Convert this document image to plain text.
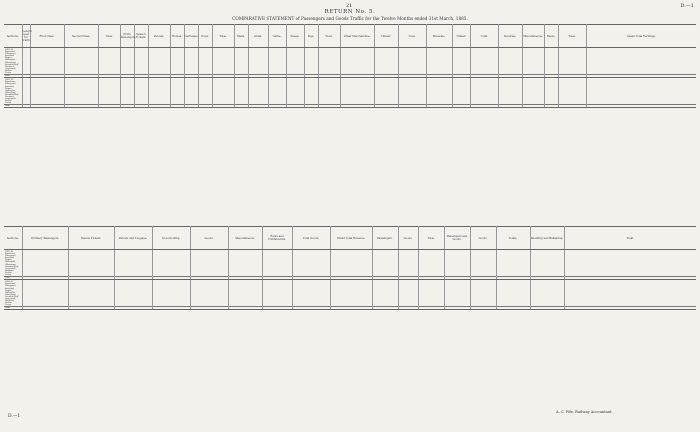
21	D.—1
RETURN No. 5.
COMPARATIVE STATEMENT of Passengers and Goods Traffic for the Twelve Months ended 31st March, 1885.
Sections.	Length open for traffic.	First Class.	Second Class.	Total.	Extra Passengers.	Season Tickets.	Parcels.	Horses.	Carriages.	Dogs.	Total.	Mails.	Grain.	Cattle.	Sheep.	Pigs.	Wool.	Other Merchandise.	Timber.	Coal.	Minerals.	Timber	Total	Sundries.	Miscellaneous.	Rents.	Total.	Grand Total Earnings.
1883–84.																												
Kawakawa																												
Whangarei																												
Auckland																												
Napier																												
Wellington																												
Whanganui																												
Hurunui-Bluff																												
Westport																												
Greymouth																												
Nelson																												
Picton																												
Total																												
1884–85.																												
Kawakawa																												
Whangarei																												
Auckland																												
Napier																												
Wellington																												
Whanganui																												
Hurunui-Bluff																												
Westport																												
Greymouth																												
Nelson																												
Picton																												
Total																												
Sections.	Ordinary Passengers.	Season Tickets.	Parcels and Luggage.	Live-stocking.	Goods.	Miscellaneous.	Rents and Commissions.	Total Goods.	Grand Total Revenue.	Passengers.	Goods.	Total.	Passengers and Goods.	Goods.	Totals.	Shunting and Ballasting.	Total.
1883–84.																	
Kawakawa																	
Whangarei																	
Auckland																	
Napier																	
Wellington																	
Whanganui																	
Hurunui-Bluff																	
Greymouth																	
Westport																	
Nelson																	
Picton																	
Total																	
1884–85.																	
Kawakawa																	
Whangarei																	
Auckland																	
Napier																	
Wellington																	
Whanganui																	
Hurunui-Bluff																	
Greymouth																	
Westport																	
Nelson																	
Picton																	
Total																	
D.—1
A. C. Fife, Railway Accountant.
